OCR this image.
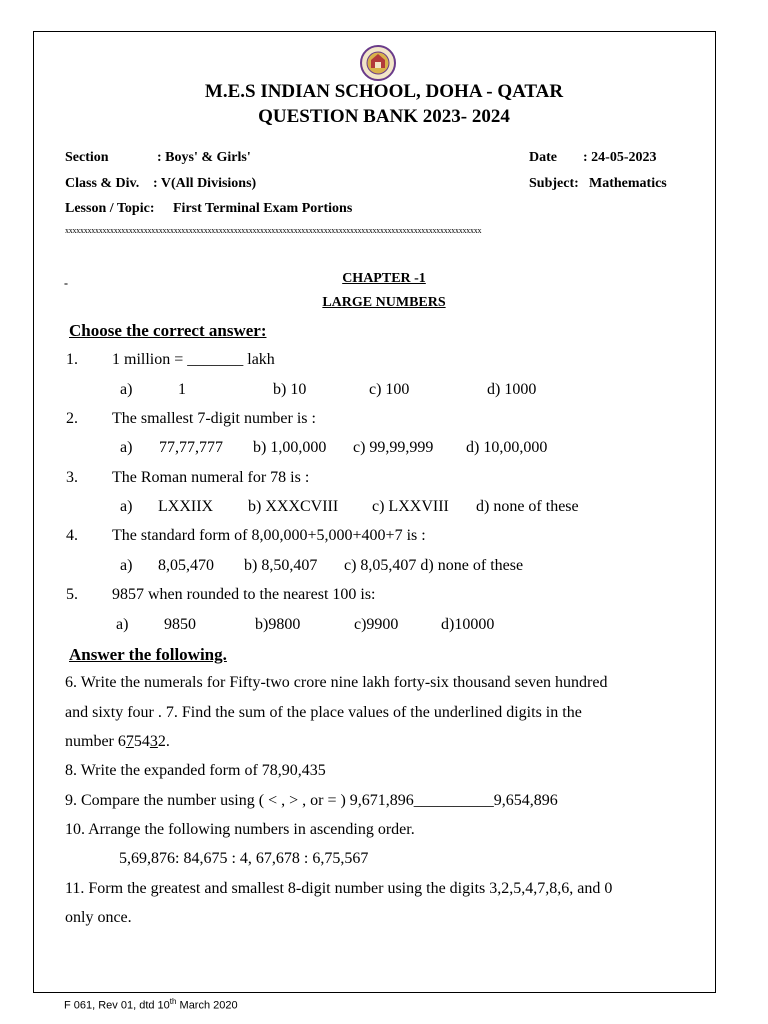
M.E.S INDIAN SCHOOL, DOHA - QATAR
QUESTION BANK 2023- 2024
Section	: Boys' & Girls'	Date : 24-05-2023
Class & Div. : V(All Divisions)	Subject: Mathematics
Lesson / Topic: First Terminal Exam Portions
xxxxxxxxxxxxxxxxxxxxxxxxxxxxxxxxxxxxxxxxxxxxxxxxxxxxxxxxxxxxxxxxxxxxxxxxxxxxxxxxxxxxxxxxxxxxxxxxxxxxxxxxxxxxxxx
-	CHAPTER -1
LARGE NUMBERS
Choose the correct answer:
1. 1 million = _______ lakh
a)	1	b) 10	c) 100	d) 1000
2. The smallest 7-digit number is :
a) 77,77,777 b) 1,00,000 c) 99,99,999 d) 10,00,000
3. The Roman numeral for 78 is :
a) LXXIIX b) XXXCVIII c) LXXVIII d) none of these
4. The standard form of 8,00,000+5,000+400+7 is :
a) 8,05,470 b) 8,50,407 c) 8,05,407 d) none of these
5. 9857 when rounded to the nearest 100 is:
a) 9850	b)9800	c)9900	d)10000
Answer the following.
6. Write the numerals for Fifty-two crore nine lakh forty-six thousand seven hundred
and sixty four . 7. Find the sum of the place values of the underlined digits in the
number 675432.
8. Write the expanded form of 78,90,435
9. Compare the number using ( < , > , or = ) 9,671,896__________9,654,896
10. Arrange the following numbers in ascending order.
5,69,876: 84,675 : 4, 67,678 : 6,75,567
11. Form the greatest and smallest 8-digit number using the digits 3,2,5,4,7,8,6, and 0
only once.
F 061, Rev 01, dtd 10th March 2020
